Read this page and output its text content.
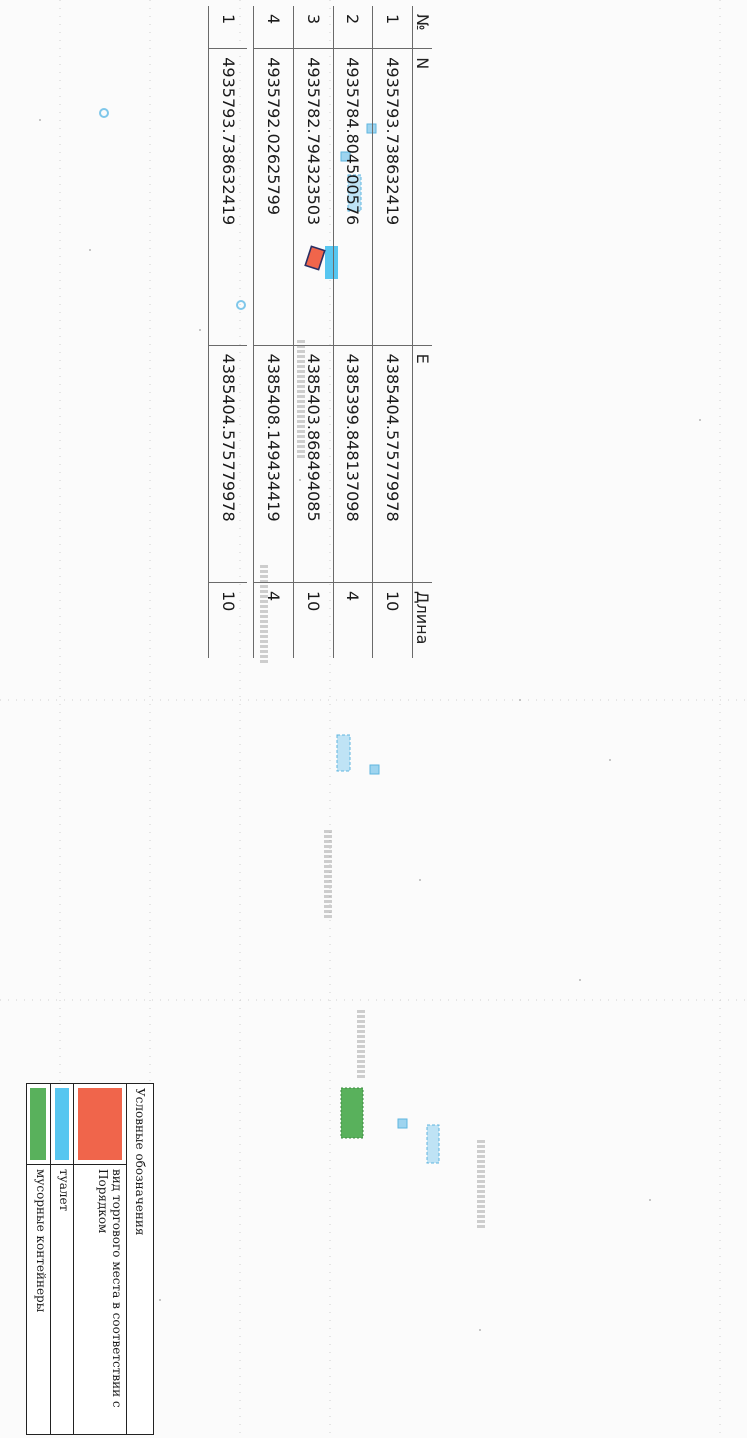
№	N	E	Длина
1	4935793.738632419	4385404.575779978	10
2	4935784.804500576	4385399.848137098	4
3	4935782.794323503	4385403.868494085	10
4	4935792.02625799	4385408.149434419	4

1	4935793.738632419	4385404.575779978	10
Условные обозначения
вид торгового места в соответствии с Порядком
туалет
мусорные контейнеры
